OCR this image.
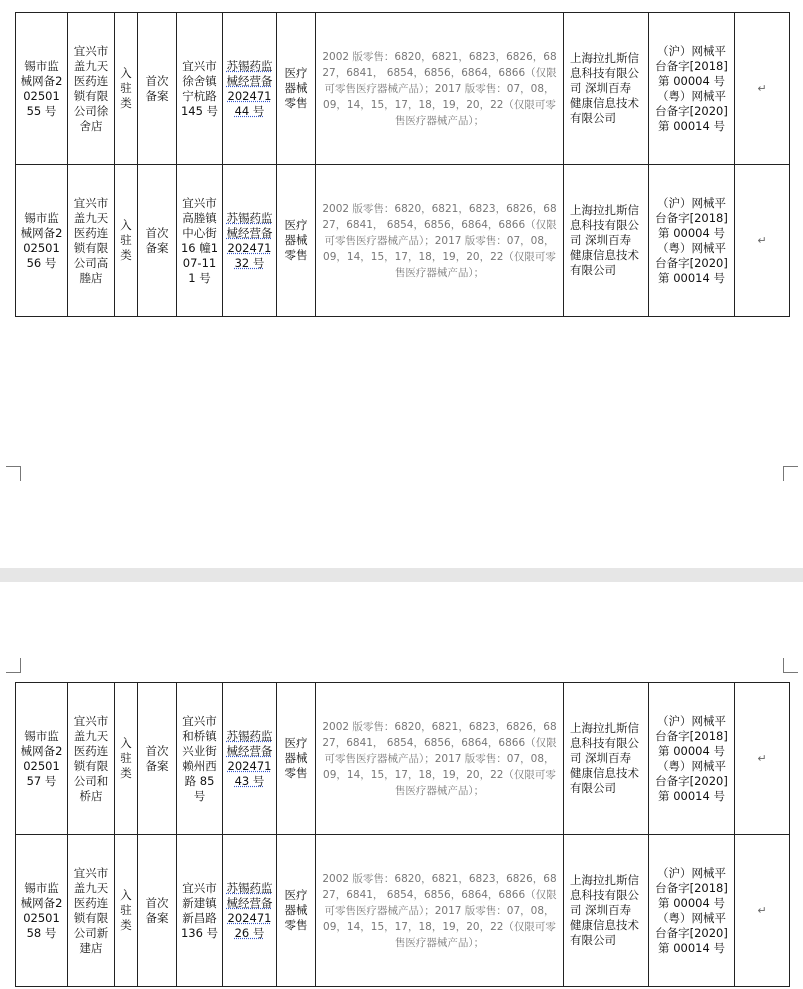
锡市监械网备202501 55 号	宜兴市盖九天医药连锁有限公司徐舍店	入驻类	首次备案	宜兴市徐舍镇宁杭路145 号	苏锡药监械经营备20247144 号	医疗器械零售	2002 版零售：6820，6821，6823，6826，6827，6841， 6854，6856，6864，6866（仅限可零售医疗器械产品）；2017 版零售：07，08，09，14，15，17，18，19，20，22（仅限可零售医疗器械产品）；	上海拉扎斯信息科技有限公司 深圳百寿健康信息技术有限公司	（沪）网械平台备字[2018]第 00004 号（粤）网械平台备字[2020]第 00014 号	↵
锡市监械网备202501 56 号	宜兴市盖九天医药连锁有限公司高塍店	入驻类	首次备案	宜兴市高塍镇中心街16 幢107-111 号	苏锡药监械经营备20247132 号	医疗器械零售	2002 版零售：6820，6821，6823，6826，6827，6841， 6854，6856，6864，6866（仅限可零售医疗器械产品）；2017 版零售：07，08，09，14，15，17，18，19，20，22（仅限可零售医疗器械产品）；	上海拉扎斯信息科技有限公司 深圳百寿健康信息技术有限公司	（沪）网械平台备字[2018]第 00004 号（粤）网械平台备字[2020]第 00014 号	↵
锡市监械网备202501 57 号	宜兴市盖九天医药连锁有限公司和桥店	入驻类	首次备案	宜兴市和桥镇兴业街赖州西路 85 号	苏锡药监械经营备20247143 号	医疗器械零售	2002 版零售：6820，6821，6823，6826，6827，6841， 6854，6856，6864，6866（仅限可零售医疗器械产品）；2017 版零售：07，08，09，14，15，17，18，19，20，22（仅限可零售医疗器械产品）；	上海拉扎斯信息科技有限公司 深圳百寿健康信息技术有限公司	（沪）网械平台备字[2018]第 00004 号（粤）网械平台备字[2020]第 00014 号	↵
锡市监械网备202501 58 号	宜兴市盖九天医药连锁有限公司新建店	入驻类	首次备案	宜兴市新建镇新昌路136 号	苏锡药监械经营备20247126 号	医疗器械零售	2002 版零售：6820，6821，6823，6826，6827，6841， 6854，6856，6864，6866（仅限可零售医疗器械产品）；2017 版零售：07，08，09，14，15，17，18，19，20，22（仅限可零售医疗器械产品）；	上海拉扎斯信息科技有限公司 深圳百寿健康信息技术有限公司	（沪）网械平台备字[2018]第 00004 号（粤）网械平台备字[2020]第 00014 号	↵
